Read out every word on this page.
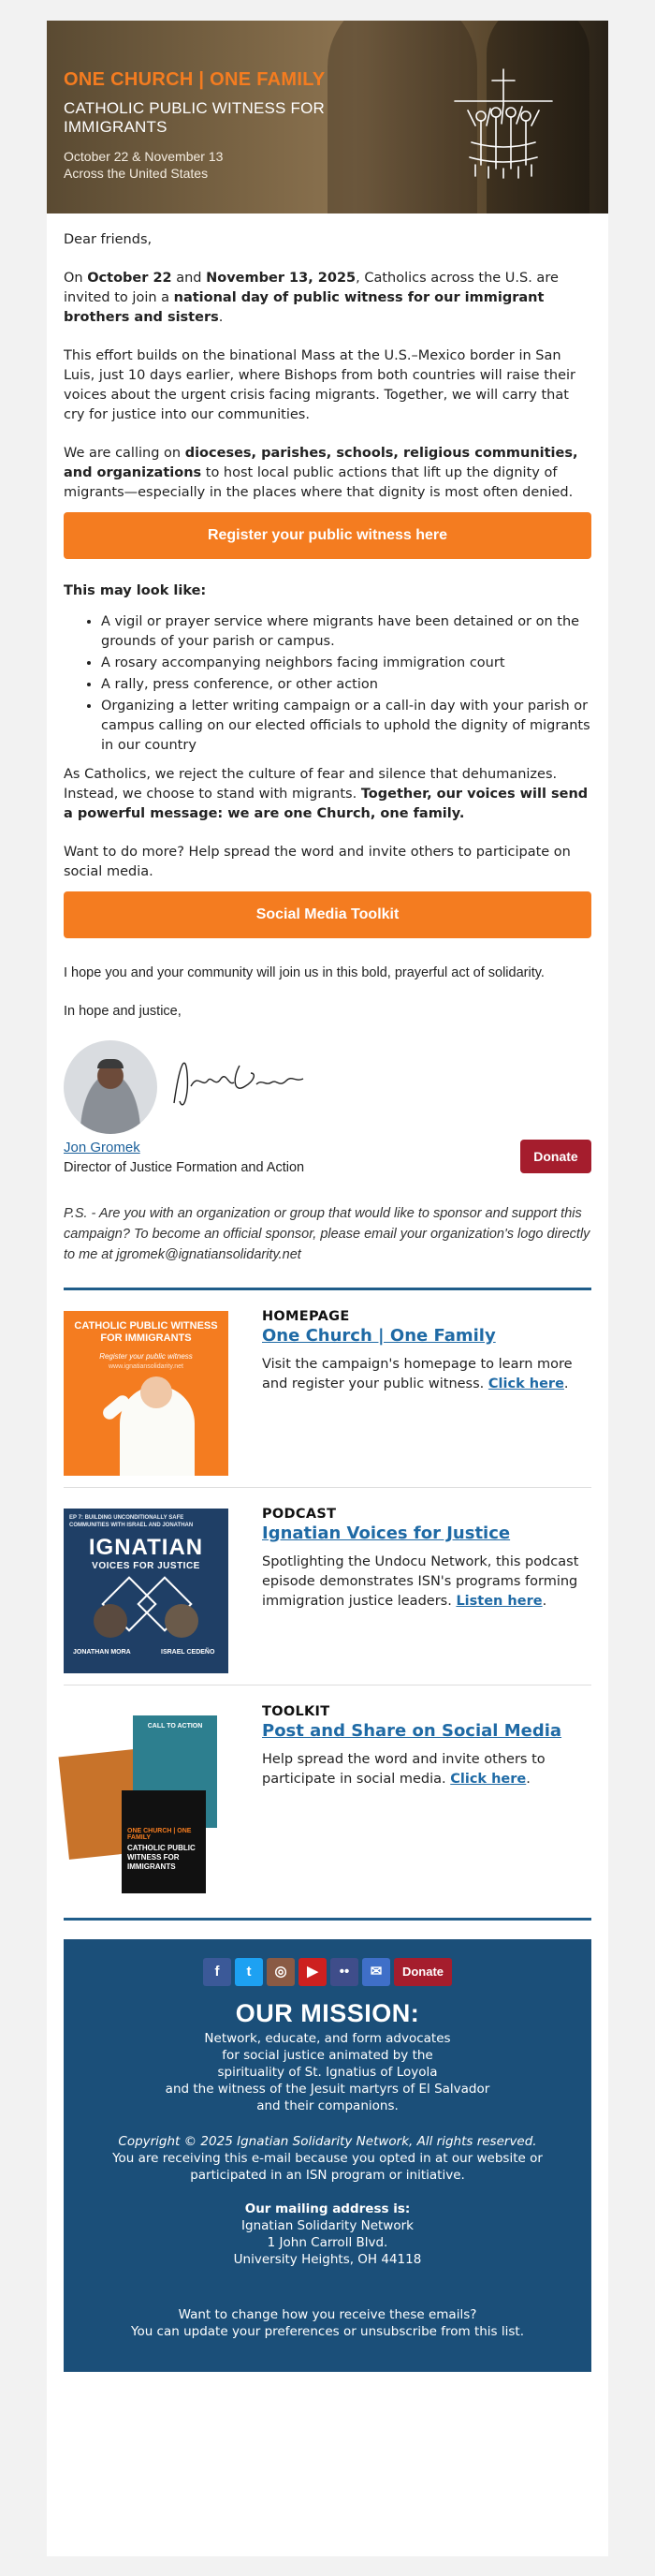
ONE CHURCH | ONE FAMILY
CATHOLIC PUBLIC WITNESS FOR IMMIGRANTS
October 22 & November 13
Across the United States

Dear friends,

On October 22 and November 13, 2025, Catholics across the U.S. are invited to join a national day of public witness for our immigrant brothers and sisters.

This effort builds on the binational Mass at the U.S.–Mexico border in San Luis, just 10 days earlier, where Bishops from both countries will raise their voices about the urgent crisis facing migrants. Together, we will carry that cry for justice into our communities.

We are calling on dioceses, parishes, schools, religious communities, and organizations to host local public actions that lift up the dignity of migrants—especially in the places where that dignity is most often denied.

Register your public witness here

This may look like:

• A vigil or prayer service where migrants have been detained or on the grounds of your parish or campus.
• A rosary accompanying neighbors facing immigration court
• A rally, press conference, or other action
• Organizing a letter writing campaign or a call-in day with your parish or campus calling on our elected officials to uphold the dignity of migrants in our country

As Catholics, we reject the culture of fear and silence that dehumanizes. Instead, we choose to stand with migrants. Together, our voices will send a powerful message: we are one Church, one family.

Want to do more? Help spread the word and invite others to participate on social media.

Social Media Toolkit

I hope you and your community will join us in this bold, prayerful act of solidarity.

In hope and justice,

Jon Gromek
Director of Justice Formation and Action
Donate

P.S. - Are you with an organization or group that would like to sponsor and support this campaign? To become an official sponsor, please email your organization's logo directly to me at jgromek@ignatiansolidarity.net

CATHOLIC PUBLIC WITNESS FOR IMMIGRANTS
Register your public witness
www.ignatiansolidarity.net
HOMEPAGE
One Church | One Family

Visit the campaign's homepage to learn more and register your public witness. Click here.

EP 7: BUILDING UNCONDITIONALLY SAFE COMMUNITIES WITH ISRAEL AND JONATHAN
IGNATIAN
VOICES FOR JUSTICE
JONATHAN MORA	ISRAEL CEDEÑO
PODCAST
Ignatian Voices for Justice

Spotlighting the Undocu Network, this podcast episode demonstrates ISN's programs forming immigration justice leaders. Listen here.

CALL TO ACTION
ONE CHURCH | ONE FAMILY
CATHOLIC PUBLIC WITNESS FOR IMMIGRANTS
TOOLKIT
Post and Share on Social Media

Help spread the word and invite others to participate in social media. Click here.

f	t	◎	▶	••	✉	Donate
OUR MISSION:
Network, educate, and form advocates
for social justice animated by the
spirituality of St. Ignatius of Loyola
and the witness of the Jesuit martyrs of El Salvador
and their companions.
Copyright © 2025 Ignatian Solidarity Network, All rights reserved.
You are receiving this e-mail because you opted in at our website or participated in an ISN program or initiative.
Our mailing address is:
Ignatian Solidarity Network
1 John Carroll Blvd.
University Heights, OH 44118
Want to change how you receive these emails?
You can update your preferences or unsubscribe from this list.
